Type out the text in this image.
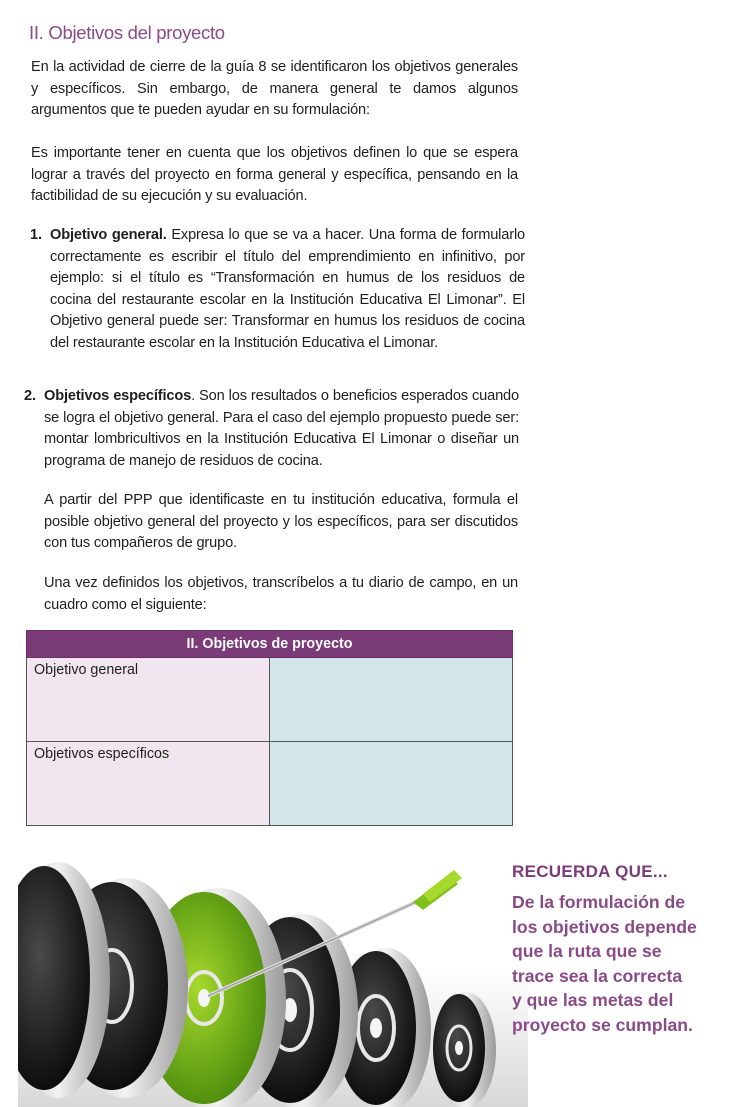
II. Objetivos del proyecto

En la actividad de cierre de la guía 8 se identificaron los objetivos generales y específicos. Sin embargo, de manera general te damos algunos argumentos que te pueden ayudar en su formulación:

Es importante tener en cuenta que los objetivos definen lo que se espera lograr a través del proyecto en forma general y específica, pensando en la factibilidad de su ejecución y su evaluación.

1. Objetivo general. Expresa lo que se va a hacer. Una forma de formularlo correctamente es escribir el título del emprendimiento en infinitivo, por ejemplo: si el título es “Transformación en humus de los residuos de cocina del restaurante escolar en la Institución Educativa El Limonar”. El Objetivo general puede ser: Transformar en humus los residuos de cocina del restaurante escolar en la Institución Educativa el Limonar.
2. Objetivos específicos. Son los resultados o beneficios esperados cuando se logra el objetivo general. Para el caso del ejemplo propuesto puede ser: montar lombricultivos en la Institución Educativa El Limonar o diseñar un programa de manejo de residuos de cocina.

A partir del PPP que identificaste en tu institución educativa, formula el posible objetivo general del proyecto y los específicos, para ser discutidos con tus compañeros de grupo.

Una vez definidos los objetivos, transcríbelos a tu diario de campo, en un cuadro como el siguiente:

II. Objetivos de proyecto	
Objetivo general	
Objetivos específicos	
RECUERDA QUE...
De la formulación de
los objetivos depende
que la ruta que se
trace sea la correcta
y que las metas del
proyecto se cumplan.
